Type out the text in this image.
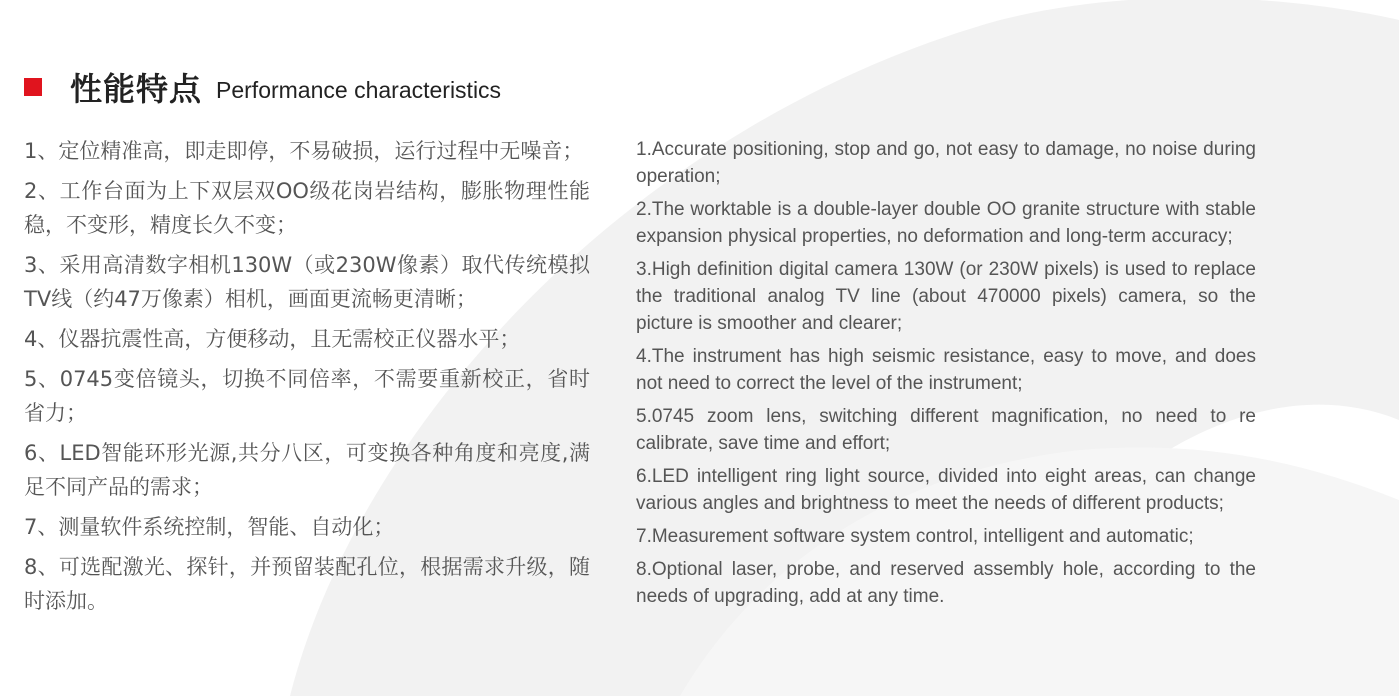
性能特点 Performance characteristics

1、定位精准高，即走即停，不易破损，运行过程中无噪音；

2、工作台面为上下双层双OO级花岗岩结构，膨胀物理性能稳，不变形，精度长久不变；

3、采用高清数字相机130W（或230W像素）取代传统模拟TV线（约47万像素）相机，画面更流畅更清晰；

4、仪器抗震性高，方便移动，且无需校正仪器水平；

5、0745变倍镜头，切换不同倍率，不需要重新校正，省时省力；

6、LED智能环形光源,共分八区，可变换各种角度和亮度,满足不同产品的需求；

7、测量软件系统控制，智能、自动化；

8、可选配激光、探针，并预留装配孔位，根据需求升级，随时添加。

1.Accurate positioning, stop and go, not easy to damage, no noise during operation;

2.The worktable is a double-layer double OO granite structure with stable expansion physical properties, no deformation and long-term accuracy;

3.High definition digital camera 130W (or 230W pixels) is used to replace the traditional analog TV line (about 470000 pixels) camera, so the picture is smoother and clearer;

4.The instrument has high seismic resistance, easy to move, and does not need to correct the level of the instrument;

5.0745 zoom lens, switching different magnification, no need to re calibrate, save time and effort;

6.LED intelligent ring light source, divided into eight areas, can change various angles and brightness to meet the needs of different products;

7.Measurement software system control, intelligent and automatic;

8.Optional laser, probe, and reserved assembly hole, according to the needs of upgrading, add at any time.
